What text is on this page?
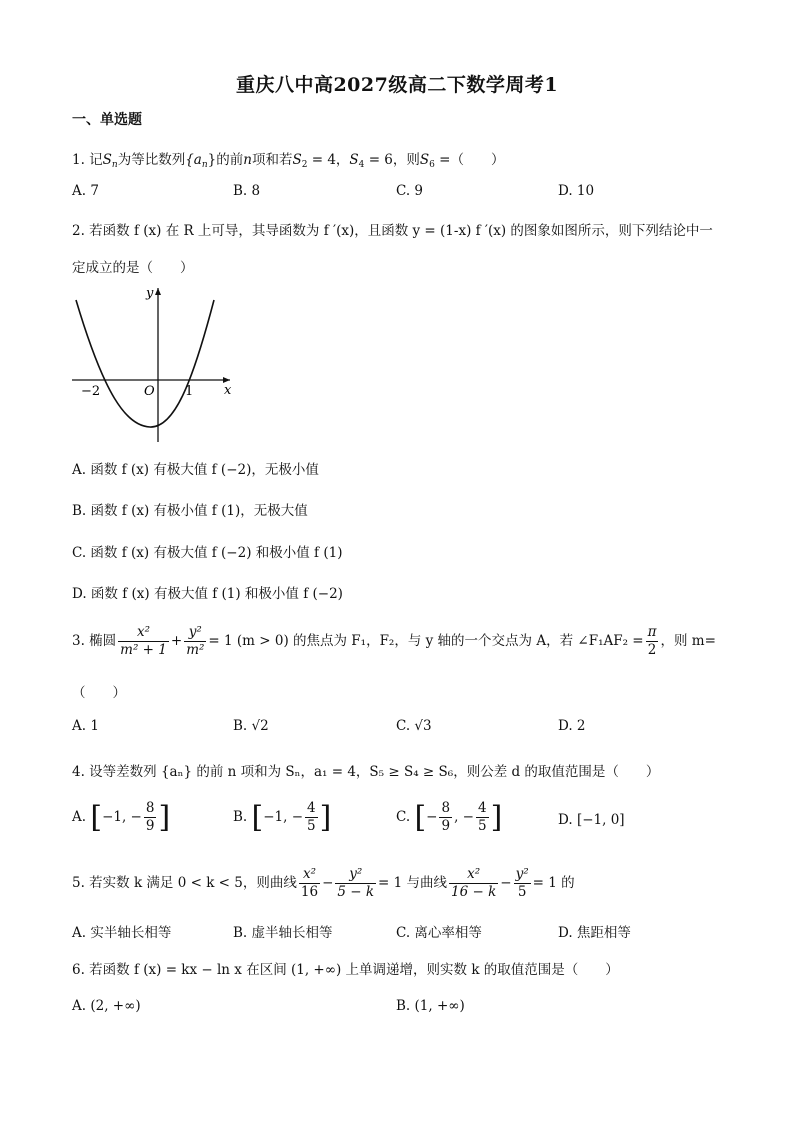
重庆八中高2027级高二下数学周考1
一、单选题
1. 记$S_n$为等比数列$\{a_n\}$的前n项和若$S_2 = 4$，$S_4 = 6$，则$S_6$ =（　　）
A. 7	B. 8	C. 9	D. 10
2. 若函数 f (x) 在 R 上可导，其导函数为 f ′(x)，且函数 y = (1-x) f ′(x) 的图象如图所示，则下列结论中一
定成立的是（　　）
y
x
O
−2	1
A. 函数 f (x) 有极大值 f (−2)，无极小值
B. 函数 f (x) 有极小值 f (1)，无极大值
C. 函数 f (x) 有极大值 f (−2) 和极小值 f (1)
D. 函数 f (x) 有极大值 f (1) 和极小值 f (−2)
3. 椭圆 $\frac{\text{x²}}{\text{m² + 1}} + \frac{\text{y²}}{\text{m²}} = 1$ (m > 0) 的焦点为 F₁，F₂，与 y 轴的一个交点为 A，若 ∠F₁AF₂ = $\frac{\pi}{2}$ ，则 m=
（　　）
A. 1	B. √2	C. √3	D. 2
4. 设等差数列 {aₙ} 的前 n 项和为 Sₙ，a₁ = 4，S₅ ≥ S₄ ≥ S₆，则公差 d 的取值范围是（　　）
A. [−1, − $\frac{8}{9}$ ]	B. [−1, − $\frac{4}{5}$ ]	C. [− $\frac{8}{9}$ , − $\frac{4}{5}$ ]	D. [−1, 0]
5. 若实数 k 满足 0 < k < 5，则曲线 $\frac{\text{x²}}{16} - \frac{\text{y²}}{5 - k} = 1$ 与曲线 $\frac{\text{x²}}{16 - k} - \frac{\text{y²}}{5} = 1$ 的
A. 实半轴长相等	B. 虚半轴长相等	C. 离心率相等	D. 焦距相等
6. 若函数 f (x) = kx − ln x 在区间 (1, +∞) 上单调递增，则实数 k 的取值范围是（　　）
A. (2, +∞)	B. (1, +∞)
